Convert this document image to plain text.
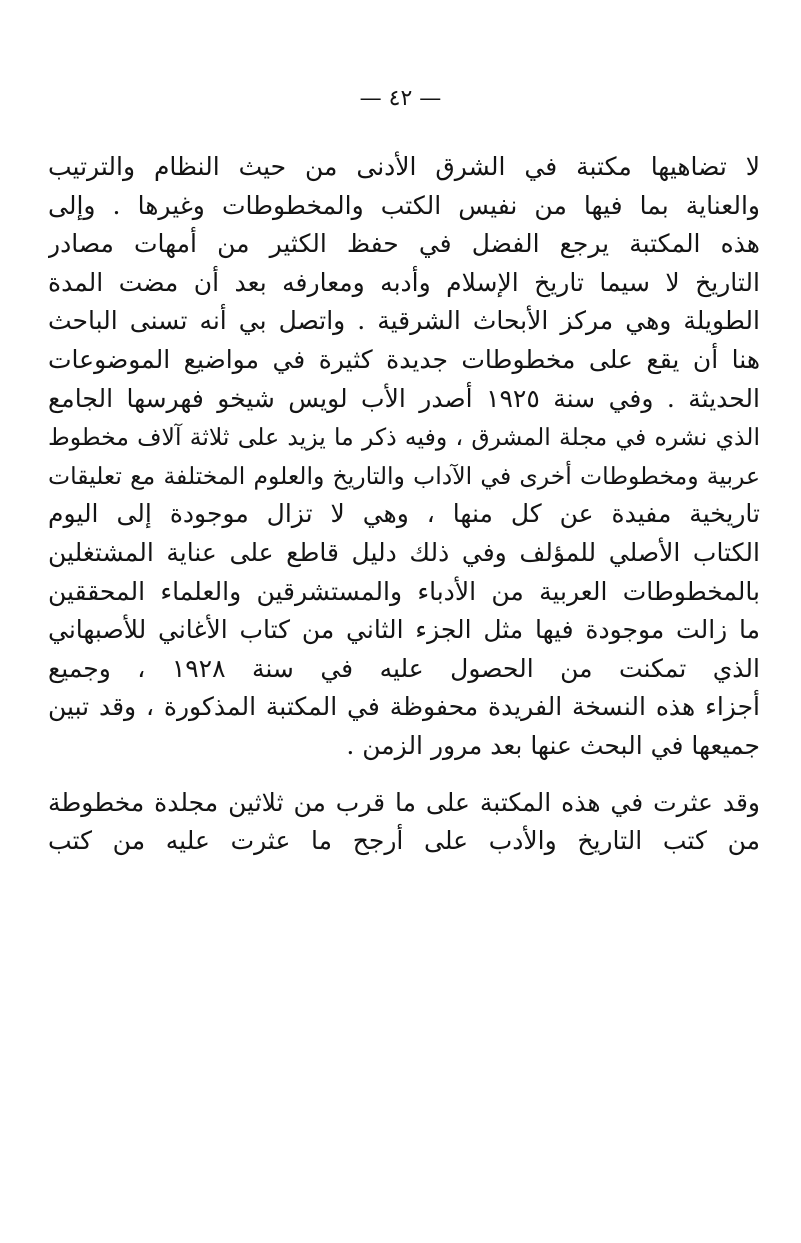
— ٤٢ —
لا تضاهيها مكتبة في الشرق الأدنى من حيث النظام والترتيب
والعناية بما فيها من نفيس الكتب والمخطوطات وغيرها . وإلى
هذه المكتبة يرجع الفضل في حفظ الكثير من أمهات مصادر
التاريخ لا سيما تاريخ الإسلام وأدبه ومعارفه بعد أن مضت المدة
الطويلة وهي مركز الأبحاث الشرقية . واتصل بي أنه تسنى الباحث
هنا أن يقع على مخطوطات جديدة كثيرة في مواضيع الموضوعات
الحديثة . وفي سنة ١٩٢٥ أصدر الأب لويس شيخو فهرسها الجامع
الذي نشره في مجلة المشرق ، وفيه ذكر ما يزيد على ثلاثة آلاف مخطوط
عربية ومخطوطات أخرى في الآداب والتاريخ والعلوم المختلفة مع تعليقات
تاريخية مفيدة عن كل منها ، وهي لا تزال موجودة إلى اليوم
الكتاب الأصلي للمؤلف وفي ذلك دليل قاطع على عناية المشتغلين
بالمخطوطات العربية من الأدباء والمستشرقين والعلماء المحققين
ما زالت موجودة فيها مثل الجزء الثاني من كتاب الأغاني للأصبهاني
الذي تمكنت من الحصول عليه في سنة ١٩٢٨ ، وجميع
أجزاء هذه النسخة الفريدة محفوظة في المكتبة المذكورة ، وقد تبين
جميعها في البحث عنها بعد مرور الزمن .
وقد عثرت في هذه المكتبة على ما قرب من ثلاثين مجلدة مخطوطة
من كتب التاريخ والأدب على أرجح ما عثرت عليه من كتب
